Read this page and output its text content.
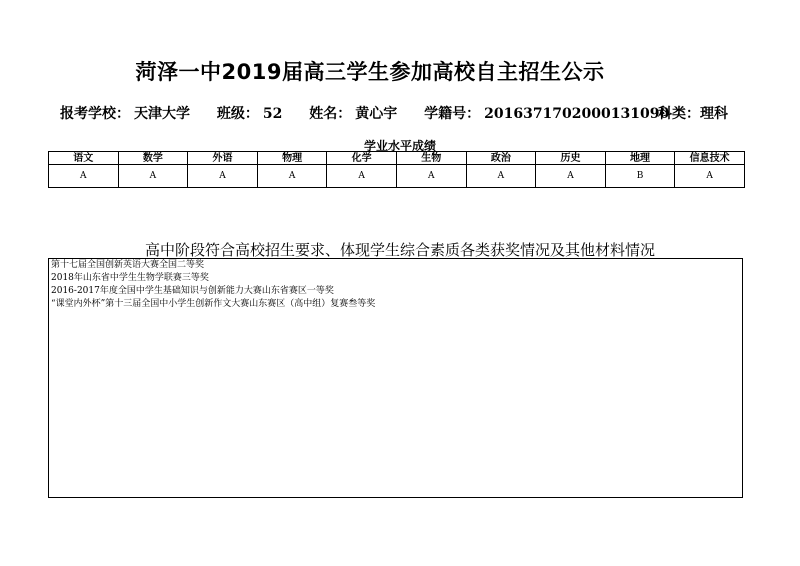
菏泽一中2019届高三学生参加高校自主招生公示
报考学校： 天津大学 班级： 52 姓名： 黄心宇 学籍号： 2016371702000131090
科类：理科
学业水平成绩
语文	数学	外语	物理	化学	生物	政治	历史	地理	信息技术
A	A	A	A	A	A	A	A	B	A
高中阶段符合高校招生要求、体现学生综合素质各类获奖情况及其他材料情况
第十七届全国创新英语大赛全国二等奖
2018年山东省中学生生物学联赛三等奖
2016-2017年度全国中学生基础知识与创新能力大赛山东省赛区一等奖
“课堂内外杯”第十三届全国中小学生创新作文大赛山东赛区（高中组）复赛叁等奖
